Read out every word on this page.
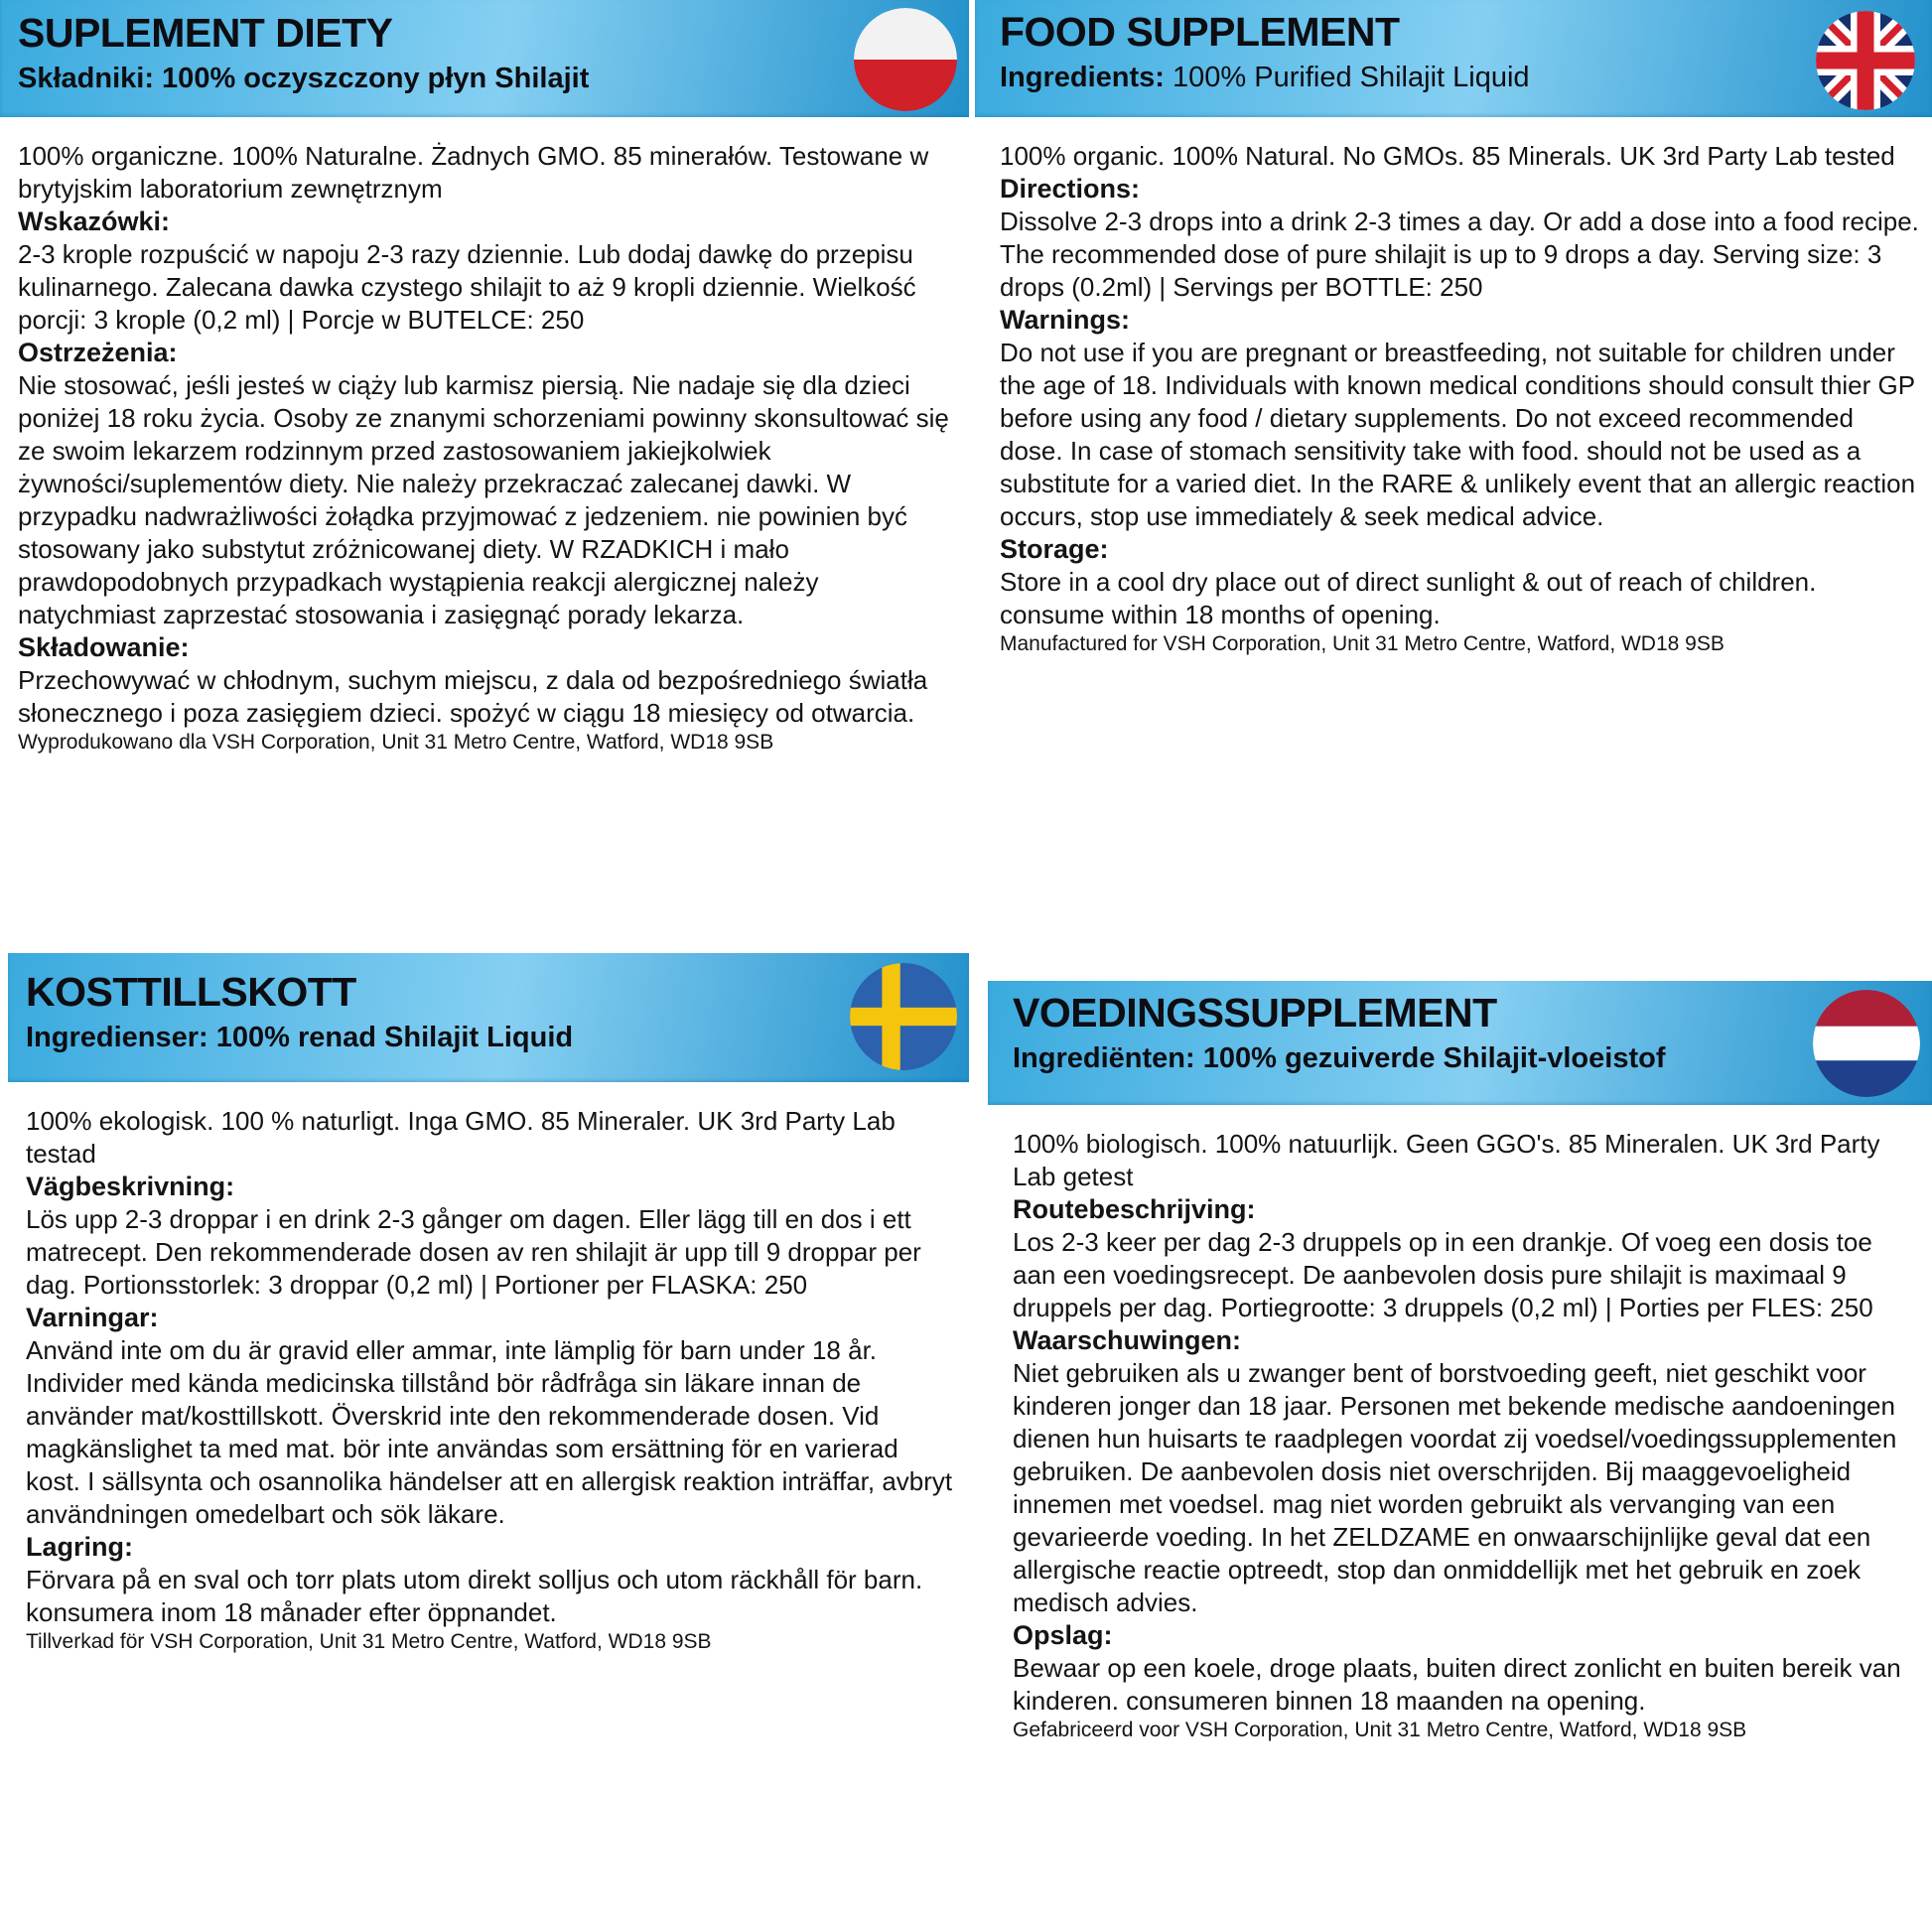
SUPLEMENT DIETY
Składniki: 100% oczyszczony płyn Shilajit

100% organiczne. 100% Naturalne. Żadnych GMO. 85 minerałów. Testowane w brytyjskim laboratorium zewnętrznym

Wskazówki:

2-3 krople rozpuścić w napoju 2-3 razy dziennie. Lub dodaj dawkę do przepisu kulinarnego. Zalecana dawka czystego shilajit to aż 9 kropli dziennie. Wielkość porcji: 3 krople (0,2 ml) | Porcje w BUTELCE: 250

Ostrzeżenia:

Nie stosować, jeśli jesteś w ciąży lub karmisz piersią. Nie nadaje się dla dzieci poniżej 18 roku życia. Osoby ze znanymi schorzeniami powinny skonsultować się ze swoim lekarzem rodzinnym przed zastosowaniem jakiejkolwiek żywności/suplementów diety. Nie należy przekraczać zalecanej dawki. W przypadku nadwrażliwości żołądka przyjmować z jedzeniem. nie powinien być stosowany jako substytut zróżnicowanej diety. W RZADKICH i mało prawdopodobnych przypadkach wystąpienia reakcji alergicznej należy natychmiast zaprzestać stosowania i zasięgnąć porady lekarza.

Składowanie:

Przechowywać w chłodnym, suchym miejscu, z dala od bezpośredniego światła słonecznego i poza zasięgiem dzieci. spożyć w ciągu 18 miesięcy od otwarcia.

Wyprodukowano dla VSH Corporation, Unit 31 Metro Centre, Watford, WD18 9SB

FOOD SUPPLEMENT
Ingredients: 100% Purified Shilajit Liquid

100% organic. 100% Natural. No GMOs. 85 Minerals. UK 3rd Party Lab tested

Directions:

Dissolve 2-3 drops into a drink 2-3 times a day. Or add a dose into a food recipe. The recommended dose of pure shilajit is up to 9 drops a day. Serving size: 3 drops (0.2ml) | Servings per BOTTLE: 250

Warnings:

Do not use if you are pregnant or breastfeeding, not suitable for children under the age of 18. Individuals with known medical conditions should consult thier GP before using any food / dietary supplements. Do not exceed recommended dose. In case of stomach sensitivity take with food. should not be used as a substitute for a varied diet. In the RARE & unlikely event that an allergic reaction occurs, stop use immediately & seek medical advice.

Storage:

Store in a cool dry place out of direct sunlight & out of reach of children. consume within 18 months of opening.

Manufactured for VSH Corporation, Unit 31 Metro Centre, Watford, WD18 9SB

KOSTTILLSKOTT
Ingredienser: 100% renad Shilajit Liquid

100% ekologisk. 100 % naturligt. Inga GMO. 85 Mineraler. UK 3rd Party Lab testad

Vägbeskrivning:

Lös upp 2-3 droppar i en drink 2-3 gånger om dagen. Eller lägg till en dos i ett matrecept. Den rekommenderade dosen av ren shilajit är upp till 9 droppar per dag. Portionsstorlek: 3 droppar (0,2 ml) | Portioner per FLASKA: 250

Varningar:

Använd inte om du är gravid eller ammar, inte lämplig för barn under 18 år. Individer med kända medicinska tillstånd bör rådfråga sin läkare innan de använder mat/kosttillskott. Överskrid inte den rekommenderade dosen. Vid magkänslighet ta med mat. bör inte användas som ersättning för en varierad kost. I sällsynta och osannolika händelser att en allergisk reaktion inträffar, avbryt användningen omedelbart och sök läkare.

Lagring:

Förvara på en sval och torr plats utom direkt solljus och utom räckhåll för barn. konsumera inom 18 månader efter öppnandet.

Tillverkad för VSH Corporation, Unit 31 Metro Centre, Watford, WD18 9SB

VOEDINGSSUPPLEMENT
Ingrediënten: 100% gezuiverde Shilajit-vloeistof

100% biologisch. 100% natuurlijk. Geen GGO's. 85 Mineralen. UK 3rd Party Lab getest

Routebeschrijving:

Los 2-3 keer per dag 2-3 druppels op in een drankje. Of voeg een dosis toe aan een voedingsrecept. De aanbevolen dosis pure shilajit is maximaal 9 druppels per dag. Portiegrootte: 3 druppels (0,2 ml) | Porties per FLES: 250

Waarschuwingen:

Niet gebruiken als u zwanger bent of borstvoeding geeft, niet geschikt voor kinderen jonger dan 18 jaar. Personen met bekende medische aandoeningen dienen hun huisarts te raadplegen voordat zij voedsel/voedingssupplementen gebruiken. De aanbevolen dosis niet overschrijden. Bij maaggevoeligheid innemen met voedsel. mag niet worden gebruikt als vervanging van een gevarieerde voeding. In het ZELDZAME en onwaarschijnlijke geval dat een allergische reactie optreedt, stop dan onmiddellijk met het gebruik en zoek medisch advies.

Opslag:

Bewaar op een koele, droge plaats, buiten direct zonlicht en buiten bereik van kinderen. consumeren binnen 18 maanden na opening.

Gefabriceerd voor VSH Corporation, Unit 31 Metro Centre, Watford, WD18 9SB
